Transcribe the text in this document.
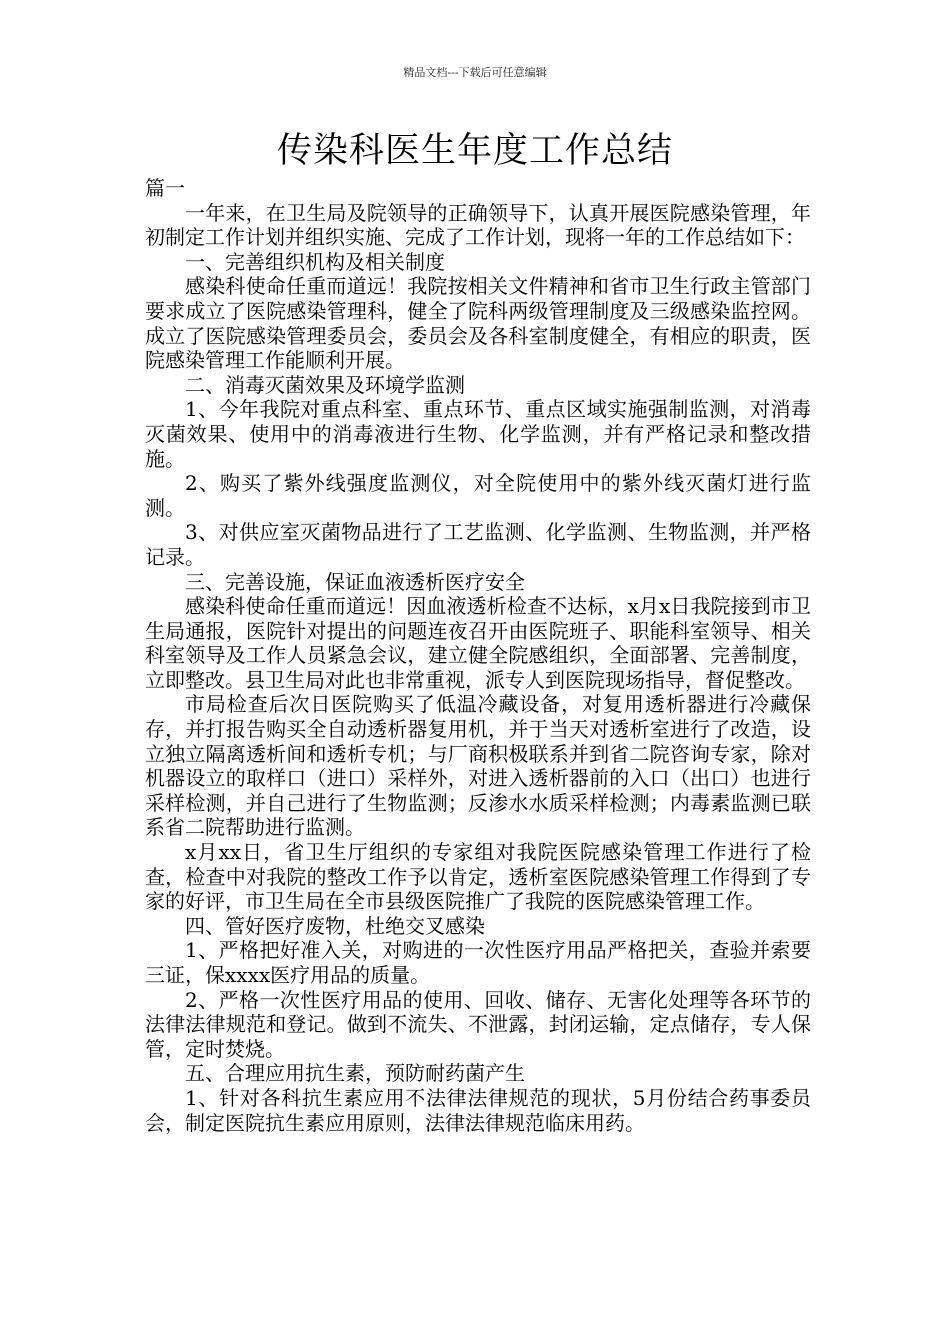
精品文档---下载后可任意编辑
传染科医生年度工作总结

篇一

一年来，在卫生局及院领导的正确领导下，认真开展医院感染管理，年初制定工作计划并组织实施、完成了工作计划，现将一年的工作总结如下：

一、完善组织机构及相关制度

感染科使命任重而道远！我院按相关文件精神和省市卫生行政主管部门要求成立了医院感染管理科，健全了院科两级管理制度及三级感染监控网。成立了医院感染管理委员会，委员会及各科室制度健全，有相应的职责，医院感染管理工作能顺利开展。

二、消毒灭菌效果及环境学监测

1、今年我院对重点科室、重点环节、重点区域实施强制监测，对消毒灭菌效果、使用中的消毒液进行生物、化学监测，并有严格记录和整改措施。

2、购买了紫外线强度监测仪，对全院使用中的紫外线灭菌灯进行监测。

3、对供应室灭菌物品进行了工艺监测、化学监测、生物监测，并严格记录。

三、完善设施，保证血液透析医疗安全

感染科使命任重而道远！因血液透析检查不达标，x月x日我院接到市卫生局通报，医院针对提出的问题连夜召开由医院班子、职能科室领导、相关科室领导及工作人员紧急会议，建立健全院感组织，全面部署、完善制度，立即整改。县卫生局对此也非常重视，派专人到医院现场指导，督促整改。

市局检查后次日医院购买了低温冷藏设备，对复用透析器进行冷藏保存，并打报告购买全自动透析器复用机，并于当天对透析室进行了改造，设立独立隔离透析间和透析专机；与厂商积极联系并到省二院咨询专家，除对机器设立的取样口（进口）采样外，对进入透析器前的入口（出口）也进行采样检测，并自己进行了生物监测；反渗水水质采样检测；内毒素监测已联系省二院帮助进行监测。

x月xx日，省卫生厅组织的专家组对我院医院感染管理工作进行了检查，检查中对我院的整改工作予以肯定，透析室医院感染管理工作得到了专家的好评，市卫生局在全市县级医院推广了我院的医院感染管理工作。

四、管好医疗废物，杜绝交叉感染

1、严格把好准入关，对购进的一次性医疗用品严格把关，查验并索要三证，保xxxx医疗用品的质量。

2、严格一次性医疗用品的使用、回收、储存、无害化处理等各环节的法律法律规范和登记。做到不流失、不泄露，封闭运输，定点储存，专人保管，定时焚烧。

五、合理应用抗生素，预防耐药菌产生

1、针对各科抗生素应用不法律法律规范的现状，5月份结合药事委员会，制定医院抗生素应用原则，法律法律规范临床用药。
